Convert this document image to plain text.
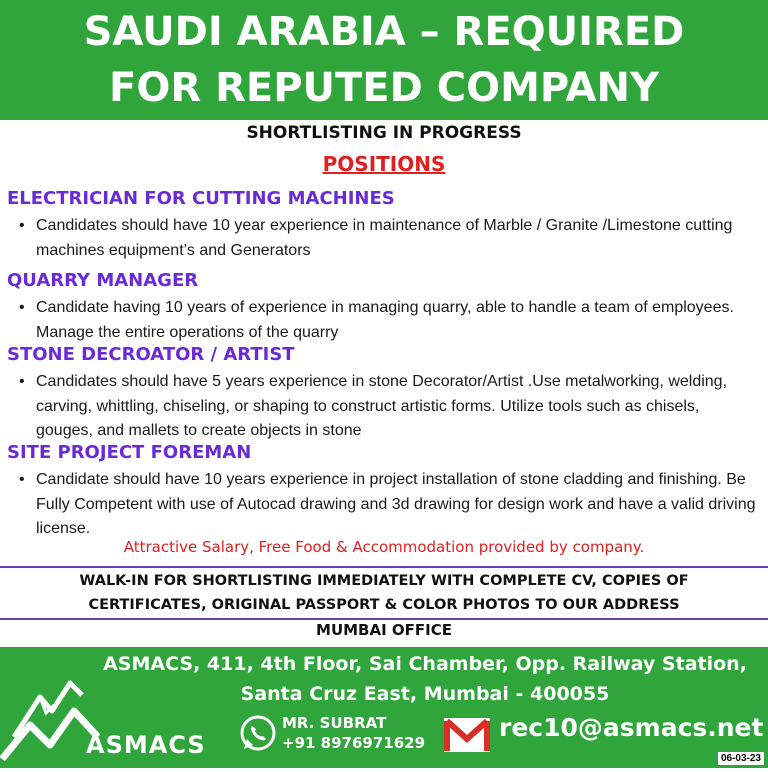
SAUDI ARABIA – REQUIRED
FOR REPUTED COMPANY
SHORTLISTING IN PROGRESS
POSITIONS
ELECTRICIAN FOR CUTTING MACHINES
• Candidates should have 10 year experience in maintenance of Marble / Granite /Limestone cutting machines equipment’s and Generators
QUARRY MANAGER
• Candidate having 10 years of experience in managing quarry, able to handle a team of employees. Manage the entire operations of the quarry
STONE DECROATOR / ARTIST
• Candidates should have 5 years experience in stone Decorator/Artist .Use metalworking, welding, carving, whittling, chiseling, or shaping to construct artistic forms. Utilize tools such as chisels, gouges, and mallets to create objects in stone
SITE PROJECT FOREMAN
• Candidate should have 10 years experience in project installation of stone cladding and finishing. Be Fully Competent with use of Autocad drawing and 3d drawing for design work and have a valid driving license.
Attractive Salary, Free Food & Accommodation provided by company.
WALK-IN FOR SHORTLISTING IMMEDIATELY WITH COMPLETE CV, COPIES OF
CERTIFICATES, ORIGINAL PASSPORT & COLOR PHOTOS TO OUR ADDRESS
MUMBAI OFFICE
ASMACS, 411, 4th Floor, Sai Chamber, Opp. Railway Station,
Santa Cruz East, Mumbai - 400055
ASMACS
MR. SUBRAT
+91 8976971629
rec10@asmacs.net
06-03-23
